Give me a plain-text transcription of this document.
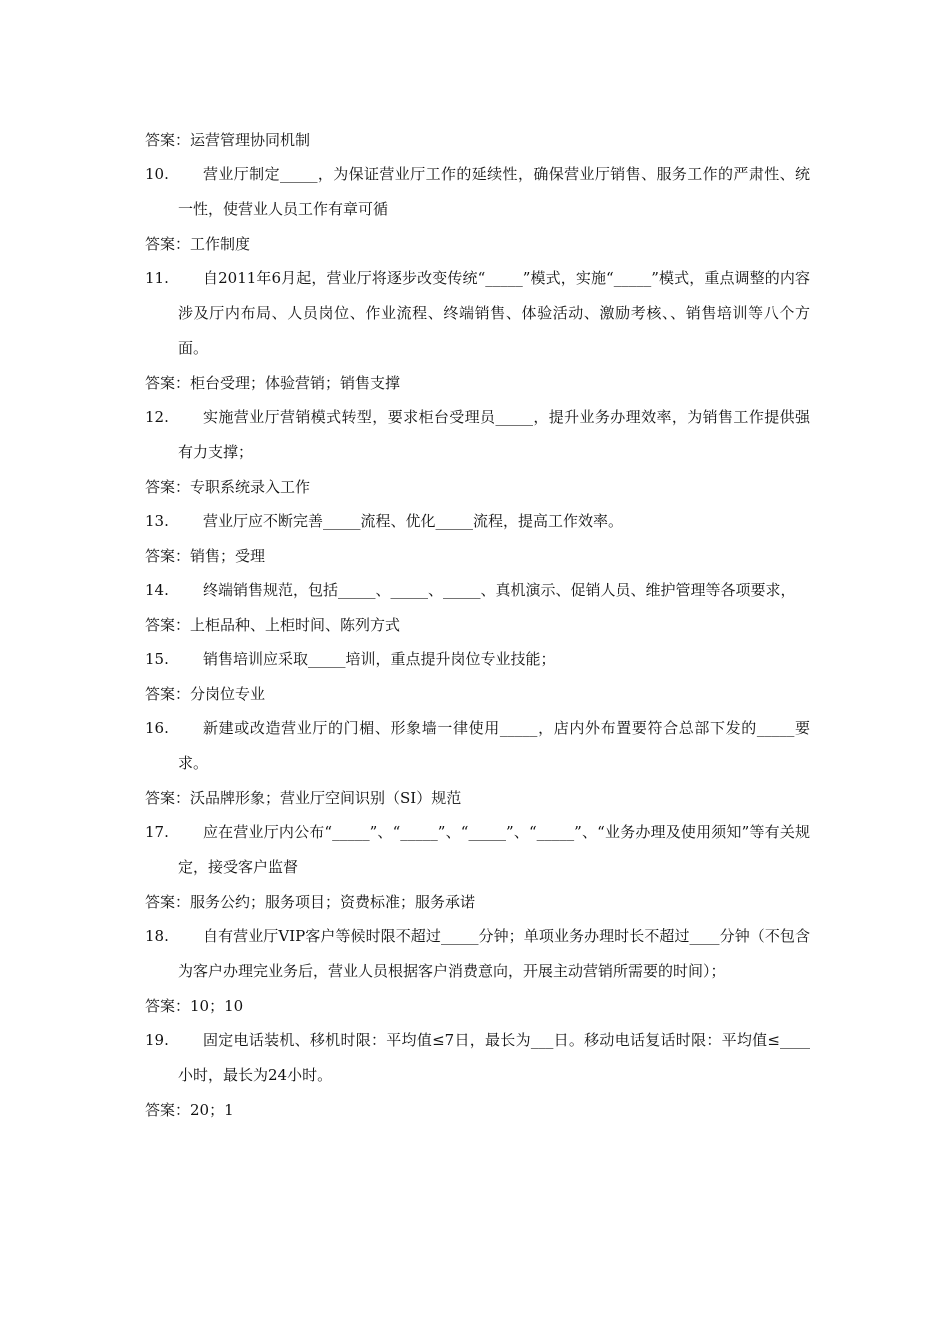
答案：运营管理协同机制
10.	营业厅制定_____，为保证营业厅工作的延续性，确保营业厅销售、服务工作的严肃性、统一性，使营业人员工作有章可循
答案：工作制度
11.	自2011年6月起，营业厅将逐步改变传统“_____”模式，实施“_____”模式，重点调整的内容涉及厅内布局、人员岗位、作业流程、终端销售、体验活动、激励考核、、销售培训等八个方面。
答案：柜台受理；体验营销；销售支撑
12.	实施营业厅营销模式转型，要求柜台受理员_____，提升业务办理效率，为销售工作提供强有力支撑；
答案：专职系统录入工作
13.	营业厅应不断完善_____流程、优化_____流程，提高工作效率。
答案：销售；受理
14.	终端销售规范，包括_____、_____、_____、真机演示、促销人员、维护管理等各项要求，
答案：上柜品种、上柜时间、陈列方式
15.	销售培训应采取_____培训，重点提升岗位专业技能；
答案：分岗位专业
16.	新建或改造营业厅的门楣、形象墙一律使用_____，店内外布置要符合总部下发的_____要求。
答案：沃品牌形象；营业厅空间识别（SI）规范
17.	应在营业厅内公布“_____”、“_____”、“_____”、“_____”、“业务办理及使用须知”等有关规定，接受客户监督
答案：服务公约；服务项目；资费标准；服务承诺
18.	自有营业厅VIP客户等候时限不超过_____分钟；单项业务办理时长不超过____分钟（不包含为客户办理完业务后，营业人员根据客户消费意向，开展主动营销所需要的时间）；
答案：10；10
19.	固定电话装机、移机时限：平均值≤7日，最长为___日。移动电话复话时限：平均值≤____小时，最长为24小时。
答案：20；1
